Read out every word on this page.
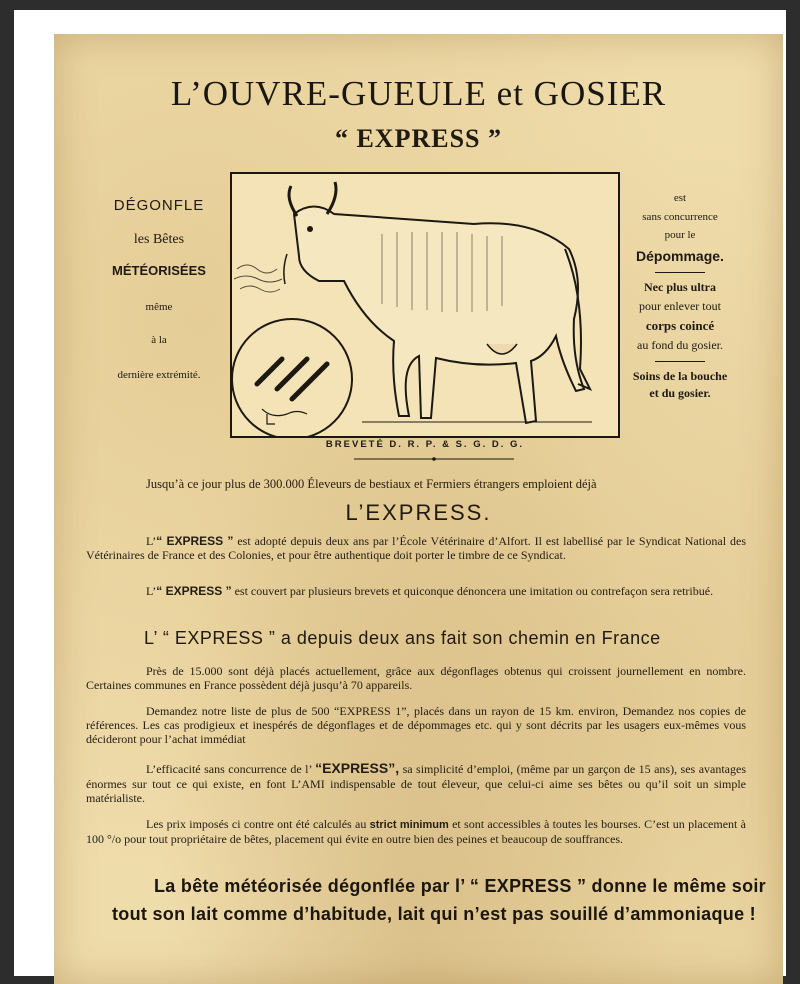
L’OUVRE-GUEULE et GOSIER
“ EXPRESS ”
DÉGONFLE
les Bêtes
MÉTÉORISÉES
même
à la
dernière extrémité.
BREVETÉ D. R. P. & S. G. D. G.
est
sans concurrence
pour le
Dépommage.
Nec plus ultra
pour enlever tout
corps coincé
au fond du gosier.
Soins de la bouche
et du gosier.
Jusqu’à ce jour plus de 300.000 Éleveurs de bestiaux et Fermiers étrangers emploient déjà
L’EXPRESS.
L’“ EXPRESS ” est adopté depuis deux ans par l’École Vétérinaire d’Alfort. Il est labellisé par le Syndicat National des Vétérinaires de France et des Colonies, et pour être authentique doit porter le timbre de ce Syndicat.
L’“ EXPRESS ” est couvert par plusieurs brevets et quiconque dénoncera une imitation ou contrefaçon sera retribué.
L’ “ EXPRESS ” a depuis deux ans fait son chemin en France
Près de 15.000 sont déjà placés actuellement, grâce aux dégonflages obtenus qui croissent journellement en nombre. Certaines communes en France possèdent déjà jusqu’à 70 appareils.
Demandez notre liste de plus de 500 “EXPRESS 1”, placés dans un rayon de 15 km. environ, Demandez nos copies de références. Les cas prodigieux et inespérés de dégonflages et de dépommages etc. qui y sont décrits par les usagers eux-mêmes vous décideront pour l’achat immédiat
L’efficacité sans concurrence de l’ “EXPRESS”, sa simplicité d’emploi, (même par un garçon de 15 ans), ses avantages énormes sur tout ce qui existe, en font L’AMI indispensable de tout éleveur, que celui-ci aime ses bêtes ou qu’il soit un simple matérialiste.
Les prix imposés ci contre ont été calculés au strict minimum et sont accessibles à toutes les bourses. C’est un placement à 100 °/o pour tout propriétaire de bêtes, placement qui évite en outre bien des peines et beaucoup de souffrances.
La bête météorisée dégonflée par l’ “ EXPRESS ” donne le même soir
tout son lait comme d’habitude, lait qui n’est pas souillé d’ammoniaque !
